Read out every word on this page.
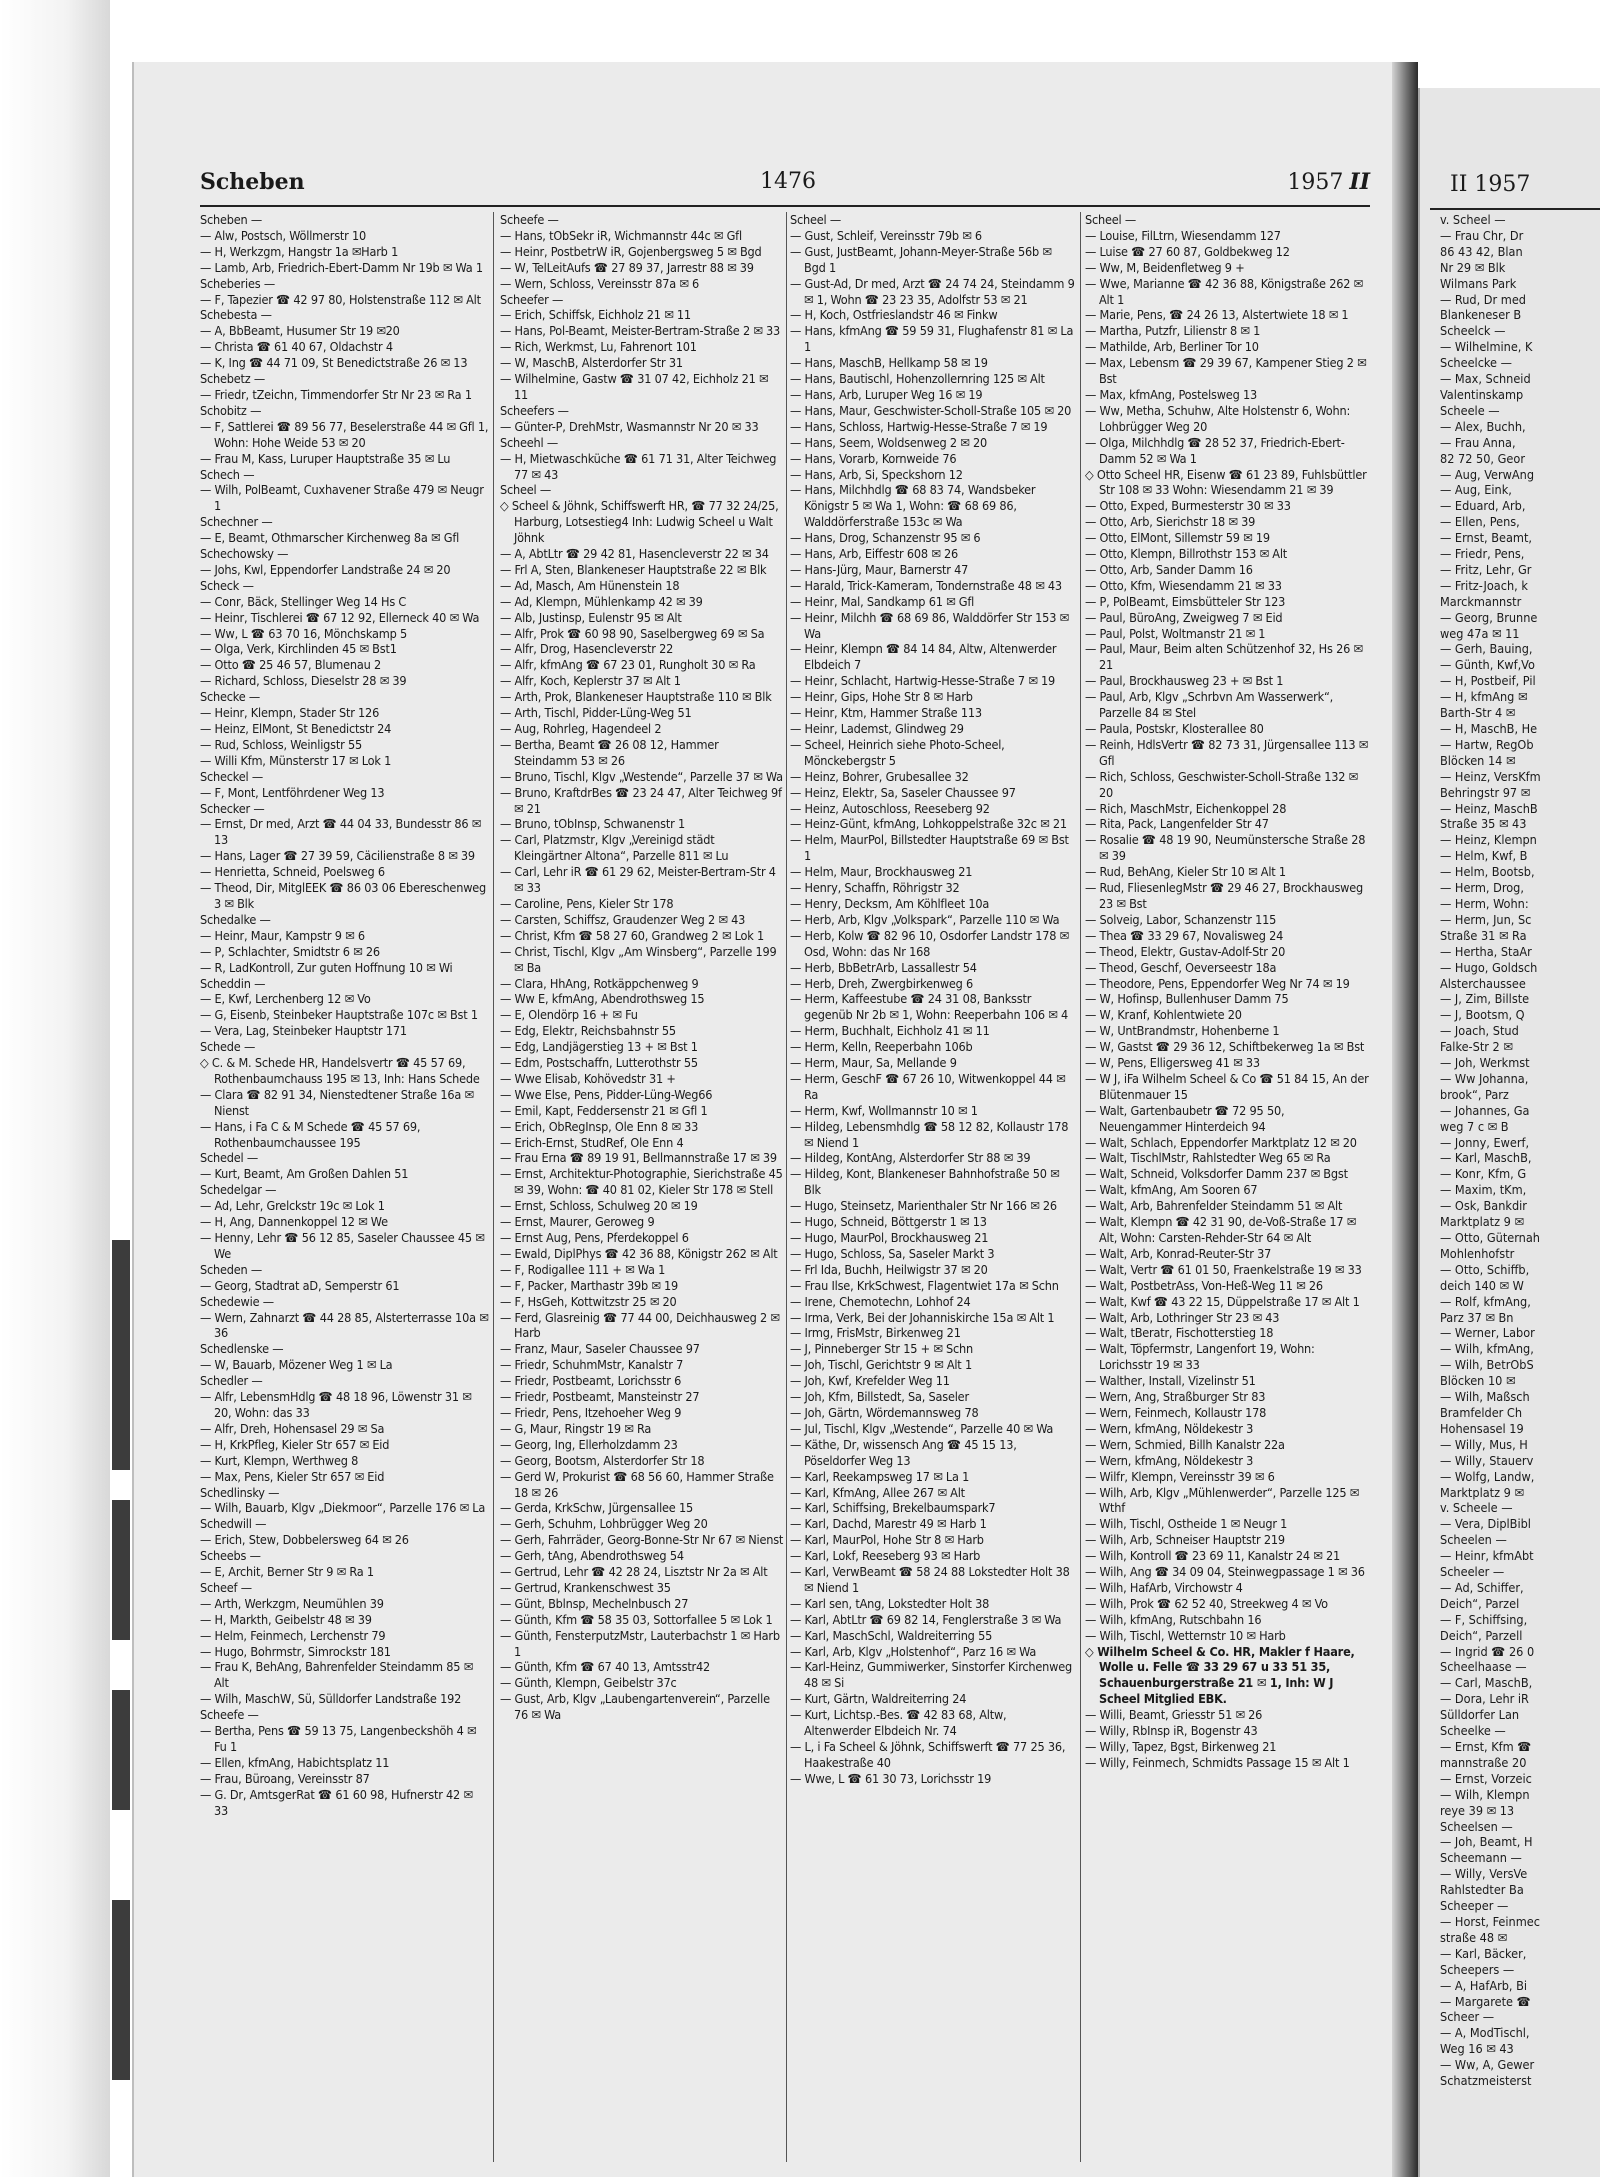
Scheben	1476	1957 II
Scheben —
— Alw, Postsch, Wöllmerstr 10
— H, Werkzgm, Hangstr 1a ✉Harb 1
— Lamb, Arb, Friedrich-Ebert-Damm Nr 19b ✉ Wa 1
Scheberies —
— F, Tapezier ☎ 42 97 80, Holstenstraße 112 ✉ Alt
Schebesta —
— A, BbBeamt, Husumer Str 19 ✉20
— Christa ☎ 61 40 67, Oldachstr 4
— K, Ing ☎ 44 71 09, St Benedictstraße 26 ✉ 13
Schebetz —
— Friedr, tZeichn, Timmendorfer Str Nr 23 ✉ Ra 1
Schobitz —
— F, Sattlerei ☎ 89 56 77, Beselerstraße 44 ✉ Gfl 1, Wohn: Hohe Weide 53 ✉ 20
— Frau M, Kass, Luruper Hauptstraße 35 ✉ Lu
Schech —
— Wilh, PolBeamt, Cuxhavener Straße 479 ✉ Neugr 1
Schechner —
— E, Beamt, Othmarscher Kirchenweg 8a ✉ Gfl
Schechowsky —
— Johs, Kwl, Eppendorfer Landstraße 24 ✉ 20
Scheck —
— Conr, Bäck, Stellinger Weg 14 Hs C
— Heinr, Tischlerei ☎ 67 12 92, Ellerneck 40 ✉ Wa
— Ww, L ☎ 63 70 16, Mönchskamp 5
— Olga, Verk, Kirchlinden 45 ✉ Bst1
— Otto ☎ 25 46 57, Blumenau 2
— Richard, Schloss, Dieselstr 28 ✉ 39
Schecke —
— Heinr, Klempn, Stader Str 126
— Heinz, ElMont, St Benedictstr 24
— Rud, Schloss, Weinligstr 55
— Willi Kfm, Münsterstr 17 ✉ Lok 1
Scheckel —
— F, Mont, Lentföhrdener Weg 13
Schecker —
— Ernst, Dr med, Arzt ☎ 44 04 33, Bundesstr 86 ✉ 13
— Hans, Lager ☎ 27 39 59, Cäcilienstraße 8 ✉ 39
— Henrietta, Schneid, Poelsweg 6
— Theod, Dir, MitglEEK ☎ 86 03 06 Ebereschenweg 3 ✉ Blk
Schedalke —
— Heinr, Maur, Kampstr 9 ✉ 6
— P, Schlachter, Smidtstr 6 ✉ 26
— R, LadKontroll, Zur guten Hoffnung 10 ✉ Wi
Scheddin —
— E, Kwf, Lerchenberg 12 ✉ Vo
— G, Eisenb, Steinbeker Hauptstraße 107c ✉ Bst 1
— Vera, Lag, Steinbeker Hauptstr 171
Schede —
◇ C. & M. Schede HR, Handelsvertr ☎ 45 57 69, Rothenbaumchauss 195 ✉ 13, Inh: Hans Schede
— Clara ☎ 82 91 34, Nienstedtener Straße 16a ✉ Nienst
— Hans, i Fa C & M Schede ☎ 45 57 69, Rothenbaumchaussee 195
Schedel —
— Kurt, Beamt, Am Großen Dahlen 51
Schedelgar —
— Ad, Lehr, Grelckstr 19c ✉ Lok 1
— H, Ang, Dannenkoppel 12 ✉ We
— Henny, Lehr ☎ 56 12 85, Saseler Chaussee 45 ✉ We
Scheden —
— Georg, Stadtrat aD, Semperstr 61
Schedewie —
— Wern, Zahnarzt ☎ 44 28 85, Alsterterrasse 10a ✉ 36
Schedlenske —
— W, Bauarb, Mözener Weg 1 ✉ La
Schedler —
— Alfr, LebensmHdlg ☎ 48 18 96, Löwenstr 31 ✉ 20, Wohn: das 33
— Alfr, Dreh, Hohensasel 29 ✉ Sa
— H, KrkPfleg, Kieler Str 657 ✉ Eid
— Kurt, Klempn, Werthweg 8
— Max, Pens, Kieler Str 657 ✉ Eid
Schedlinsky —
— Wilh, Bauarb, Klgv „Diekmoor“, Parzelle 176 ✉ La
Schedwill —
— Erich, Stew, Dobbelersweg 64 ✉ 26
Scheebs —
— E, Archit, Berner Str 9 ✉ Ra 1
Scheef —
— Arth, Werkzgm, Neumühlen 39
— H, Markth, Geibelstr 48 ✉ 39
— Helm, Feinmech, Lerchenstr 79
— Hugo, Bohrmstr, Simrockstr 181
— Frau K, BehAng, Bahrenfelder Steindamm 85 ✉ Alt
— Wilh, MaschW, Sü, Sülldorfer Landstraße 192
Scheefe —
— Bertha, Pens ☎ 59 13 75, Langenbeckshöh 4 ✉ Fu 1
— Ellen, kfmAng, Habichtsplatz 11
— Frau, Büroang, Vereinsstr 87
— G. Dr, AmtsgerRat ☎ 61 60 98, Hufnerstr 42 ✉ 33
Scheefe —
— Hans, tObSekr iR, Wichmannstr 44c ✉ Gfl
— Heinr, PostbetrW iR, Gojenbergsweg 5 ✉ Bgd
— W, TelLeitAufs ☎ 27 89 37, Jarrestr 88 ✉ 39
— Wern, Schloss, Vereinsstr 87a ✉ 6
Scheefer —
— Erich, Schiffsk, Eichholz 21 ✉ 11
— Hans, Pol-Beamt, Meister-Bertram-Straße 2 ✉ 33
— Rich, Werkmst, Lu, Fahrenort 101
— W, MaschB, Alsterdorfer Str 31
— Wilhelmine, Gastw ☎ 31 07 42, Eichholz 21 ✉ 11
Scheefers —
— Günter-P, DrehMstr, Wasmannstr Nr 20 ✉ 33
Scheehl —
— H, Mietwaschküche ☎ 61 71 31, Alter Teichweg 77 ✉ 43
Scheel —
◇ Scheel & Jöhnk, Schiffswerft HR, ☎ 77 32 24/25, Harburg, Lotsestieg4 Inh: Ludwig Scheel u Walt Jöhnk
— A, AbtLtr ☎ 29 42 81, Hasencleverstr 22 ✉ 34
— Frl A, Sten, Blankeneser Hauptstraße 22 ✉ Blk
— Ad, Masch, Am Hünenstein 18
— Ad, Klempn, Mühlenkamp 42 ✉ 39
— Alb, Justinsp, Eulenstr 95 ✉ Alt
— Alfr, Prok ☎ 60 98 90, Saselbergweg 69 ✉ Sa
— Alfr, Drog, Hasencleverstr 22
— Alfr, kfmAng ☎ 67 23 01, Rungholt 30 ✉ Ra
— Alfr, Koch, Keplerstr 37 ✉ Alt 1
— Arth, Prok, Blankeneser Hauptstraße 110 ✉ Blk
— Arth, Tischl, Pidder-Lüng-Weg 51
— Aug, Rohrleg, Hagendeel 2
— Bertha, Beamt ☎ 26 08 12, Hammer Steindamm 53 ✉ 26
— Bruno, Tischl, Klgv „Westende“, Parzelle 37 ✉ Wa
— Bruno, KraftdrBes ☎ 23 24 47, Alter Teichweg 9f ✉ 21
— Bruno, tObInsp, Schwanenstr 1
— Carl, Platzmstr, Klgv „Vereinigd städt Kleingärtner Altona“, Parzelle 811 ✉ Lu
— Carl, Lehr iR ☎ 61 29 62, Meister-Bertram-Str 4 ✉ 33
— Caroline, Pens, Kieler Str 178
— Carsten, Schiffsz, Graudenzer Weg 2 ✉ 43
— Christ, Kfm ☎ 58 27 60, Grandweg 2 ✉ Lok 1
— Christ, Tischl, Klgv „Am Winsberg“, Parzelle 199 ✉ Ba
— Clara, HhAng, Rotkäppchenweg 9
— Ww E, kfmAng, Abendrothsweg 15
— E, Olendörp 16 + ✉ Fu
— Edg, Elektr, Reichsbahnstr 55
— Edg, Landjägerstieg 13 + ✉ Bst 1
— Edm, Postschaffn, Lutterothstr 55
— Wwe Elisab, Kohövedstr 31 +
— Wwe Else, Pens, Pidder-Lüng-Weg66
— Emil, Kapt, Feddersenstr 21 ✉ Gfl 1
— Erich, ObRegInsp, Ole Enn 8 ✉ 33
— Erich-Ernst, StudRef, Ole Enn 4
— Frau Erna ☎ 89 19 91, Bellmannstraße 17 ✉ 39
— Ernst, Architektur-Photographie, Sierichstraße 45 ✉ 39, Wohn: ☎ 40 81 02, Kieler Str 178 ✉ Stell
— Ernst, Schloss, Schulweg 20 ✉ 19
— Ernst, Maurer, Geroweg 9
— Ernst Aug, Pens, Pferdekoppel 6
— Ewald, DiplPhys ☎ 42 36 88, Königstr 262 ✉ Alt
— F, Rodigallee 111 + ✉ Wa 1
— F, Packer, Marthastr 39b ✉ 19
— F, HsGeh, Kottwitzstr 25 ✉ 20
— Ferd, Glasreinig ☎ 77 44 00, Deichhausweg 2 ✉ Harb
— Franz, Maur, Saseler Chaussee 97
— Friedr, SchuhmMstr, Kanalstr 7
— Friedr, Postbeamt, Lorichsstr 6
— Friedr, Postbeamt, Mansteinstr 27
— Friedr, Pens, Itzehoeher Weg 9
— G, Maur, Ringstr 19 ✉ Ra
— Georg, Ing, Ellerholzdamm 23
— Georg, Bootsm, Alsterdorfer Str 18
— Gerd W, Prokurist ☎ 68 56 60, Hammer Straße 18 ✉ 26
— Gerda, KrkSchw, Jürgensallee 15
— Gerh, Schuhm, Lohbrügger Weg 20
— Gerh, Fahrräder, Georg-Bonne-Str Nr 67 ✉ Nienst
— Gerh, tAng, Abendrothsweg 54
— Gertrud, Lehr ☎ 42 28 24, Lisztstr Nr 2a ✉ Alt
— Gertrud, Krankenschwest 35
— Günt, Bblnsp, Mechelnbusch 27
— Günth, Kfm ☎ 58 35 03, Sottorfallee 5 ✉ Lok 1
— Günth, FensterputzMstr, Lauterbachstr 1 ✉ Harb 1
— Günth, Kfm ☎ 67 40 13, Amtsstr42
— Günth, Klempn, Geibelstr 37c
— Gust, Arb, Klgv „Laubengartenverein“, Parzelle 76 ✉ Wa
Scheel —
— Gust, Schleif, Vereinsstr 79b ✉ 6
— Gust, JustBeamt, Johann-Meyer-Straße 56b ✉ Bgd 1
— Gust-Ad, Dr med, Arzt ☎ 24 74 24, Steindamm 9 ✉ 1, Wohn ☎ 23 23 35, Adolfstr 53 ✉ 21
— H, Koch, Ostfrieslandstr 46 ✉ Finkw
— Hans, kfmAng ☎ 59 59 31, Flughafenstr 81 ✉ La 1
— Hans, MaschB, Hellkamp 58 ✉ 19
— Hans, Bautischl, Hohenzollernring 125 ✉ Alt
— Hans, Arb, Luruper Weg 16 ✉ 19
— Hans, Maur, Geschwister-Scholl-Straße 105 ✉ 20
— Hans, Schloss, Hartwig-Hesse-Straße 7 ✉ 19
— Hans, Seem, Woldsenweg 2 ✉ 20
— Hans, Vorarb, Kornweide 76
— Hans, Arb, Si, Speckshorn 12
— Hans, Milchhdlg ☎ 68 83 74, Wandsbeker Königstr 5 ✉ Wa 1, Wohn: ☎ 68 69 86, Walddörferstraße 153c ✉ Wa
— Hans, Drog, Schanzenstr 95 ✉ 6
— Hans, Arb, Eiffestr 608 ✉ 26
— Hans-Jürg, Maur, Barnerstr 47
— Harald, Trick-Kameram, Tondernstraße 48 ✉ 43
— Heinr, Mal, Sandkamp 61 ✉ Gfl
— Heinr, Milchh ☎ 68 69 86, Walddörfer Str 153 ✉ Wa
— Heinr, Klempn ☎ 84 14 84, Altw, Altenwerder Elbdeich 7
— Heinr, Schlacht, Hartwig-Hesse-Straße 7 ✉ 19
— Heinr, Gips, Hohe Str 8 ✉ Harb
— Heinr, Ktm, Hammer Straße 113
— Heinr, Lademst, Glindweg 29
— Scheel, Heinrich siehe Photo-Scheel, Mönckebergstr 5
— Heinz, Bohrer, Grubesallee 32
— Heinz, Elektr, Sa, Saseler Chaussee 97
— Heinz, Autoschloss, Reeseberg 92
— Heinz-Günt, kfmAng, Lohkoppelstraße 32c ✉ 21
— Helm, MaurPol, Billstedter Hauptstraße 69 ✉ Bst 1
— Helm, Maur, Brockhausweg 21
— Henry, Schaffn, Röhrigstr 32
— Henry, Decksm, Am Köhlfleet 10a
— Herb, Arb, Klgv „Volkspark“, Parzelle 110 ✉ Wa
— Herb, Kolw ☎ 82 96 10, Osdorfer Landstr 178 ✉ Osd, Wohn: das Nr 168
— Herb, BbBetrArb, Lassallestr 54
— Herb, Dreh, Zwergbirkenweg 6
— Herm, Kaffeestube ☎ 24 31 08, Banksstr gegenüb Nr 2b ✉ 1, Wohn: Reeperbahn 106 ✉ 4
— Herm, Buchhalt, Eichholz 41 ✉ 11
— Herm, Kelln, Reeperbahn 106b
— Herm, Maur, Sa, Mellande 9
— Herm, GeschF ☎ 67 26 10, Witwenkoppel 44 ✉ Ra
— Herm, Kwf, Wollmannstr 10 ✉ 1
— Hildeg, Lebensmhdlg ☎ 58 12 82, Kollaustr 178 ✉ Niend 1
— Hildeg, KontAng, Alsterdorfer Str 88 ✉ 39
— Hildeg, Kont, Blankeneser Bahnhofstraße 50 ✉ Blk
— Hugo, Steinsetz, Marienthaler Str Nr 166 ✉ 26
— Hugo, Schneid, Böttgerstr 1 ✉ 13
— Hugo, MaurPol, Brockhausweg 21
— Hugo, Schloss, Sa, Saseler Markt 3
— Frl Ida, Buchh, Heilwigstr 37 ✉ 20
— Frau Ilse, KrkSchwest, Flagentwiet 17a ✉ Schn
— Irene, Chemotechn, Lohhof 24
— Irma, Verk, Bei der Johanniskirche 15a ✉ Alt 1
— Irmg, FrisMstr, Birkenweg 21
— J, Pinneberger Str 15 + ✉ Schn
— Joh, Tischl, Gerichtstr 9 ✉ Alt 1
— Joh, Kwf, Krefelder Weg 11
— Joh, Kfm, Billstedt, Sa, Saseler
— Joh, Gärtn, Wördemannsweg 78
— Jul, Tischl, Klgv „Westende“, Parzelle 40 ✉ Wa
— Käthe, Dr, wissensch Ang ☎ 45 15 13, Pöseldorfer Weg 13
— Karl, Reekampsweg 17 ✉ La 1
— Karl, KfmAng, Allee 267 ✉ Alt
— Karl, Schiffsing, Brekelbaumspark7
— Karl, Dachd, Marestr 49 ✉ Harb 1
— Karl, MaurPol, Hohe Str 8 ✉ Harb
— Karl, Lokf, Reeseberg 93 ✉ Harb
— Karl, VerwBeamt ☎ 58 24 88 Lokstedter Holt 38 ✉ Niend 1
— Karl sen, tAng, Lokstedter Holt 38
— Karl, AbtLtr ☎ 69 82 14, Fenglerstraße 3 ✉ Wa
— Karl, MaschSchl, Waldreiterring 55
— Karl, Arb, Klgv „Holstenhof“, Parz 16 ✉ Wa
— Karl-Heinz, Gummiwerker, Sinstorfer Kirchenweg 48 ✉ Si
— Kurt, Gärtn, Waldreiterring 24
— Kurt, Lichtsp.-Bes. ☎ 42 83 68, Altw, Altenwerder Elbdeich Nr. 74
— L, i Fa Scheel & Jöhnk, Schiffswerft ☎ 77 25 36, Haakestraße 40
— Wwe, L ☎ 61 30 73, Lorichsstr 19
Scheel —
— Louise, FilLtrn, Wiesendamm 127
— Luise ☎ 27 60 87, Goldbekweg 12
— Ww, M, Beidenfletweg 9 +
— Wwe, Marianne ☎ 42 36 88, Königstraße 262 ✉ Alt 1
— Marie, Pens, ☎ 24 26 13, Alstertwiete 18 ✉ 1
— Martha, Putzfr, Lilienstr 8 ✉ 1
— Mathilde, Arb, Berliner Tor 10
— Max, Lebensm ☎ 29 39 67, Kampener Stieg 2 ✉ Bst
— Max, kfmAng, Postelsweg 13
— Ww, Metha, Schuhw, Alte Holstenstr 6, Wohn: Lohbrügger Weg 20
— Olga, Milchhdlg ☎ 28 52 37, Friedrich-Ebert-Damm 52 ✉ Wa 1
◇ Otto Scheel HR, Eisenw ☎ 61 23 89, Fuhlsbüttler Str 108 ✉ 33 Wohn: Wiesendamm 21 ✉ 39
— Otto, Exped, Burmesterstr 30 ✉ 33
— Otto, Arb, Sierichstr 18 ✉ 39
— Otto, ElMont, Sillemstr 59 ✉ 19
— Otto, Klempn, Billrothstr 153 ✉ Alt
— Otto, Arb, Sander Damm 16
— Otto, Kfm, Wiesendamm 21 ✉ 33
— P, PolBeamt, Eimsbütteler Str 123
— Paul, BüroAng, Zweigweg 7 ✉ Eid
— Paul, Polst, Woltmanstr 21 ✉ 1
— Paul, Maur, Beim alten Schützenhof 32, Hs 26 ✉ 21
— Paul, Brockhausweg 23 + ✉ Bst 1
— Paul, Arb, Klgv „Schrbvn Am Wasserwerk“, Parzelle 84 ✉ Stel
— Paula, Postskr, Klosterallee 80
— Reinh, HdlsVertr ☎ 82 73 31, Jürgensallee 113 ✉ Gfl
— Rich, Schloss, Geschwister-Scholl-Straße 132 ✉ 20
— Rich, MaschMstr, Eichenkoppel 28
— Rita, Pack, Langenfelder Str 47
— Rosalie ☎ 48 19 90, Neumünstersche Straße 28 ✉ 39
— Rud, BehAng, Kieler Str 10 ✉ Alt 1
— Rud, FliesenlegMstr ☎ 29 46 27, Brockhausweg 23 ✉ Bst
— Solveig, Labor, Schanzenstr 115
— Thea ☎ 33 29 67, Novalisweg 24
— Theod, Elektr, Gustav-Adolf-Str 20
— Theod, Geschf, Oeverseestr 18a
— Theodore, Pens, Eppendorfer Weg Nr 74 ✉ 19
— W, Hofinsp, Bullenhuser Damm 75
— W, Kranf, Kohlentwiete 20
— W, UntBrandmstr, Hohenberne 1
— W, Gastst ☎ 29 36 12, Schiftbekerweg 1a ✉ Bst
— W, Pens, Elligersweg 41 ✉ 33
— W J, iFa Wilhelm Scheel & Co ☎ 51 84 15, An der Blütenmauer 15
— Walt, Gartenbaubetr ☎ 72 95 50, Neuengammer Hinterdeich 94
— Walt, Schlach, Eppendorfer Marktplatz 12 ✉ 20
— Walt, TischlMstr, Rahlstedter Weg 65 ✉ Ra
— Walt, Schneid, Volksdorfer Damm 237 ✉ Bgst
— Walt, kfmAng, Am Sooren 67
— Walt, Arb, Bahrenfelder Steindamm 51 ✉ Alt
— Walt, Klempn ☎ 42 31 90, de-Voß-Straße 17 ✉ Alt, Wohn: Carsten-Rehder-Str 64 ✉ Alt
— Walt, Arb, Konrad-Reuter-Str 37
— Walt, Vertr ☎ 61 01 50, Fraenkelstraße 19 ✉ 33
— Walt, PostbetrAss, Von-Heß-Weg 11 ✉ 26
— Walt, Kwf ☎ 43 22 15, Düppelstraße 17 ✉ Alt 1
— Walt, Arb, Lothringer Str 23 ✉ 43
— Walt, tBeratr, Fischotterstieg 18
— Walt, Töpfermstr, Langenfort 19, Wohn: Lorichsstr 19 ✉ 33
— Walther, Install, Vizelinstr 51
— Wern, Ang, Straßburger Str 83
— Wern, Feinmech, Kollaustr 178
— Wern, kfmAng, Nöldekestr 3
— Wern, Schmied, Billh Kanalstr 22a
— Wern, kfmAng, Nöldekestr 3
— Wilfr, Klempn, Vereinsstr 39 ✉ 6
— Wilh, Arb, Klgv „Mühlenwerder“, Parzelle 125 ✉ Wthf
— Wilh, Tischl, Ostheide 1 ✉ Neugr 1
— Wilh, Arb, Schneiser Hauptstr 219
— Wilh, Kontroll ☎ 23 69 11, Kanalstr 24 ✉ 21
— Wilh, Ang ☎ 34 09 04, Steinwegpassage 1 ✉ 36
— Wilh, HafArb, Virchowstr 4
— Wilh, Prok ☎ 62 52 40, Streekweg 4 ✉ Vo
— Wilh, kfmAng, Rutschbahn 16
— Wilh, Tischl, Wetternstr 10 ✉ Harb
◇ Wilhelm Scheel & Co. HR, Makler f Haare, Wolle u. Felle ☎ 33 29 67 u 33 51 35, Schauenburgerstraße 21 ✉ 1, Inh: W J Scheel Mitglied EBK.
— Willi, Beamt, Griesstr 51 ✉ 26
— Willy, RbInsp iR, Bogenstr 43
— Willy, Tapez, Bgst, Birkenweg 21
— Willy, Feinmech, Schmidts Passage 15 ✉ Alt 1
II 1957
v. Scheel —
— Frau Chr, Dr
86 43 42, Blan
Nr 29 ✉ Blk
Wilmans Park
— Rud, Dr med
Blankeneser B
Scheelck —
— Wilhelmine, K
Scheelcke —
— Max, Schneid
Valentinskamp
Scheele —
— Alex, Buchh,
— Frau Anna,
82 72 50, Geor
— Aug, VerwAng
— Aug, Eink,
— Eduard, Arb,
— Ellen, Pens,
— Ernst, Beamt,
— Friedr, Pens,
— Fritz, Lehr, Gr
— Fritz-Joach, k
Marckmannstr
— Georg, Brunne
weg 47a ✉ 11
— Gerh, Bauing,
— Günth, Kwf,Vo
— H, Postbeif, Pil
— H, kfmAng ✉
Barth-Str 4 ✉
— H, MaschB, He
— Hartw, RegOb
Blöcken 14 ✉
— Heinz, VersKfm
Behringstr 97 ✉
— Heinz, MaschB
Straße 35 ✉ 43
— Heinz, Klempn
— Helm, Kwf, B
— Helm, Bootsb,
— Herm, Drog,
— Herm, Wohn:
— Herm, Jun, Sc
Straße 31 ✉ Ra
— Hertha, StaAr
— Hugo, Goldsch
Alsterchaussee
— J, Zim, Billste
— J, Bootsm, Q
— Joach, Stud
Falke-Str 2 ✉
— Joh, Werkmst
— Ww Johanna,
brook“, Parz
— Johannes, Ga
weg 7 c ✉ B
— Jonny, Ewerf,
— Karl, MaschB,
— Konr, Kfm, G
— Maxim, tKm,
— Osk, Bankdir
Marktplatz 9 ✉
— Otto, Güternah
Mohlenhofstr
— Otto, Schiffb,
deich 140 ✉ W
— Rolf, kfmAng,
Parz 37 ✉ Bn
— Werner, Labor
— Wilh, kfmAng,
— Wilh, BetrObS
Blöcken 10 ✉
— Wilh, Maßsch
Bramfelder Ch
Hohensasel 19
— Willy, Mus, H
— Willy, Stauerv
— Wolfg, Landw,
Marktplatz 9 ✉
v. Scheele —
— Vera, DiplBibl
Scheelen —
— Heinr, kfmAbt
Scheeler —
— Ad, Schiffer,
Deich“, Parzel
— F, Schiffsing,
Deich“, Parzell
— Ingrid ☎ 26 0
Scheelhaase —
— Carl, MaschB,
— Dora, Lehr iR
Sülldorfer Lan
Scheelke —
— Ernst, Kfm ☎
mannstraße 20
— Ernst, Vorzeic
— Wilh, Klempn
reye 39 ✉ 13
Scheelsen —
— Joh, Beamt, H
Scheemann —
— Willy, VersVe
Rahlstedter Ba
Scheeper —
— Horst, Feinmec
straße 48 ✉
— Karl, Bäcker,
Scheepers —
— A, HafArb, Bi
— Margarete ☎
Scheer —
— A, ModTischl,
Weg 16 ✉ 43
— Ww, A, Gewer
Schatzmeisterst
